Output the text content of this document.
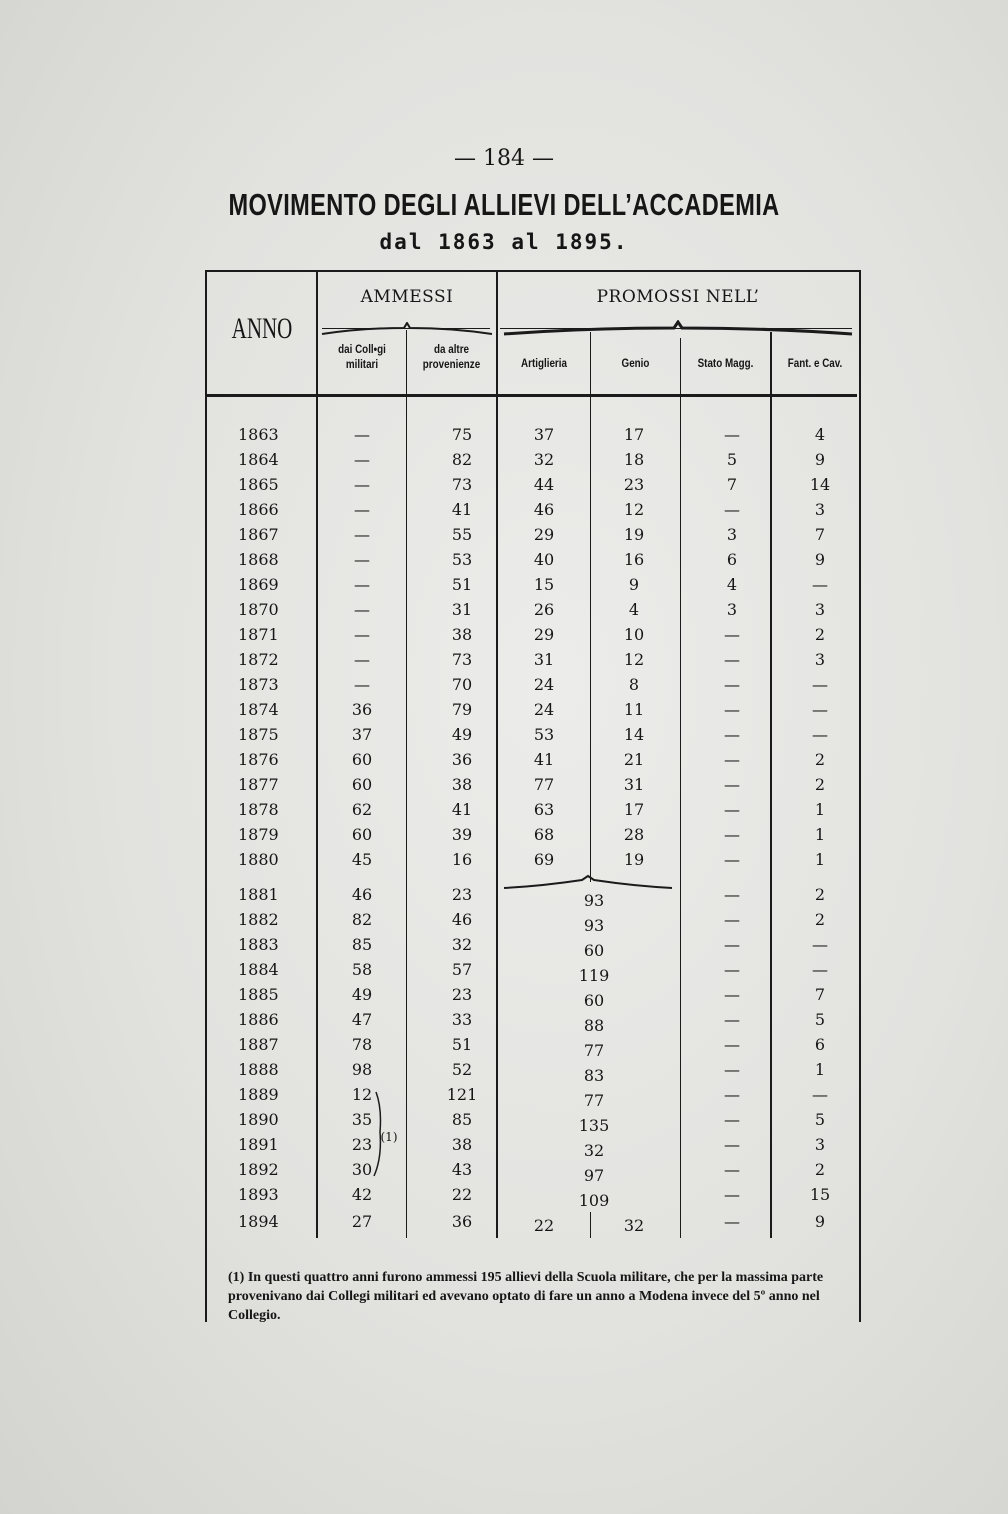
— 184 —
MOVIMENTO DEGLI ALLIEVI DELL’ACCADEMIA
dal 1863 al 1895.
ANNO
AMMESSI	PROMOSSI NELL’
dai Coll•gi
militari
da altre
provenienze	Artiglieria	Genio	Stato Magg.	Fant. e Cav.
1863	—	75	37	17	—	4
1864	—	82	32	18	5	9
1865	—	73	44	23	7	14
1866	—	41	46	12	—	3
1867	—	55	29	19	3	7
1868	—	53	40	16	6	9
1869	—	51	15	9	4	—
1870	—	31	26	4	3	3
1871	—	38	29	10	—	2
1872	—	73	31	12	—	3
1873	—	70	24	8	—	—
1874	36	79	24	11	—	—
1875	37	49	53	14	—	—
1876	60	36	41	21	—	2
1877	60	38	77	31	—	2
1878	62	41	63	17	—	1
1879	60	39	68	28	—	1
1880	45	16	69	19	—	1
1881	46	23	93	—	2
1882	82	46	93	—	2
1883	85	32	60	—	—
1884	58	57	119	—	—
1885	49	23	60	—	7
1886	47	33	88	—	5
1887	78	51	77	—	6
1888	98	52	83	—	1
1889	12	121	77	—	—
1890	35	85	135	—	5
1891	23 (1)	38	32	—	3
1892	30	43	97	—	2
1893	42	22	109	—	15
1894	27	36	22	32	—	9
(1) In questi quattro anni furono ammessi 195 allievi della Scuola militare, che per la massima parte provenivano dai Collegi militari ed avevano optato di fare un anno a Modena invece del 5º anno nel Collegio.
